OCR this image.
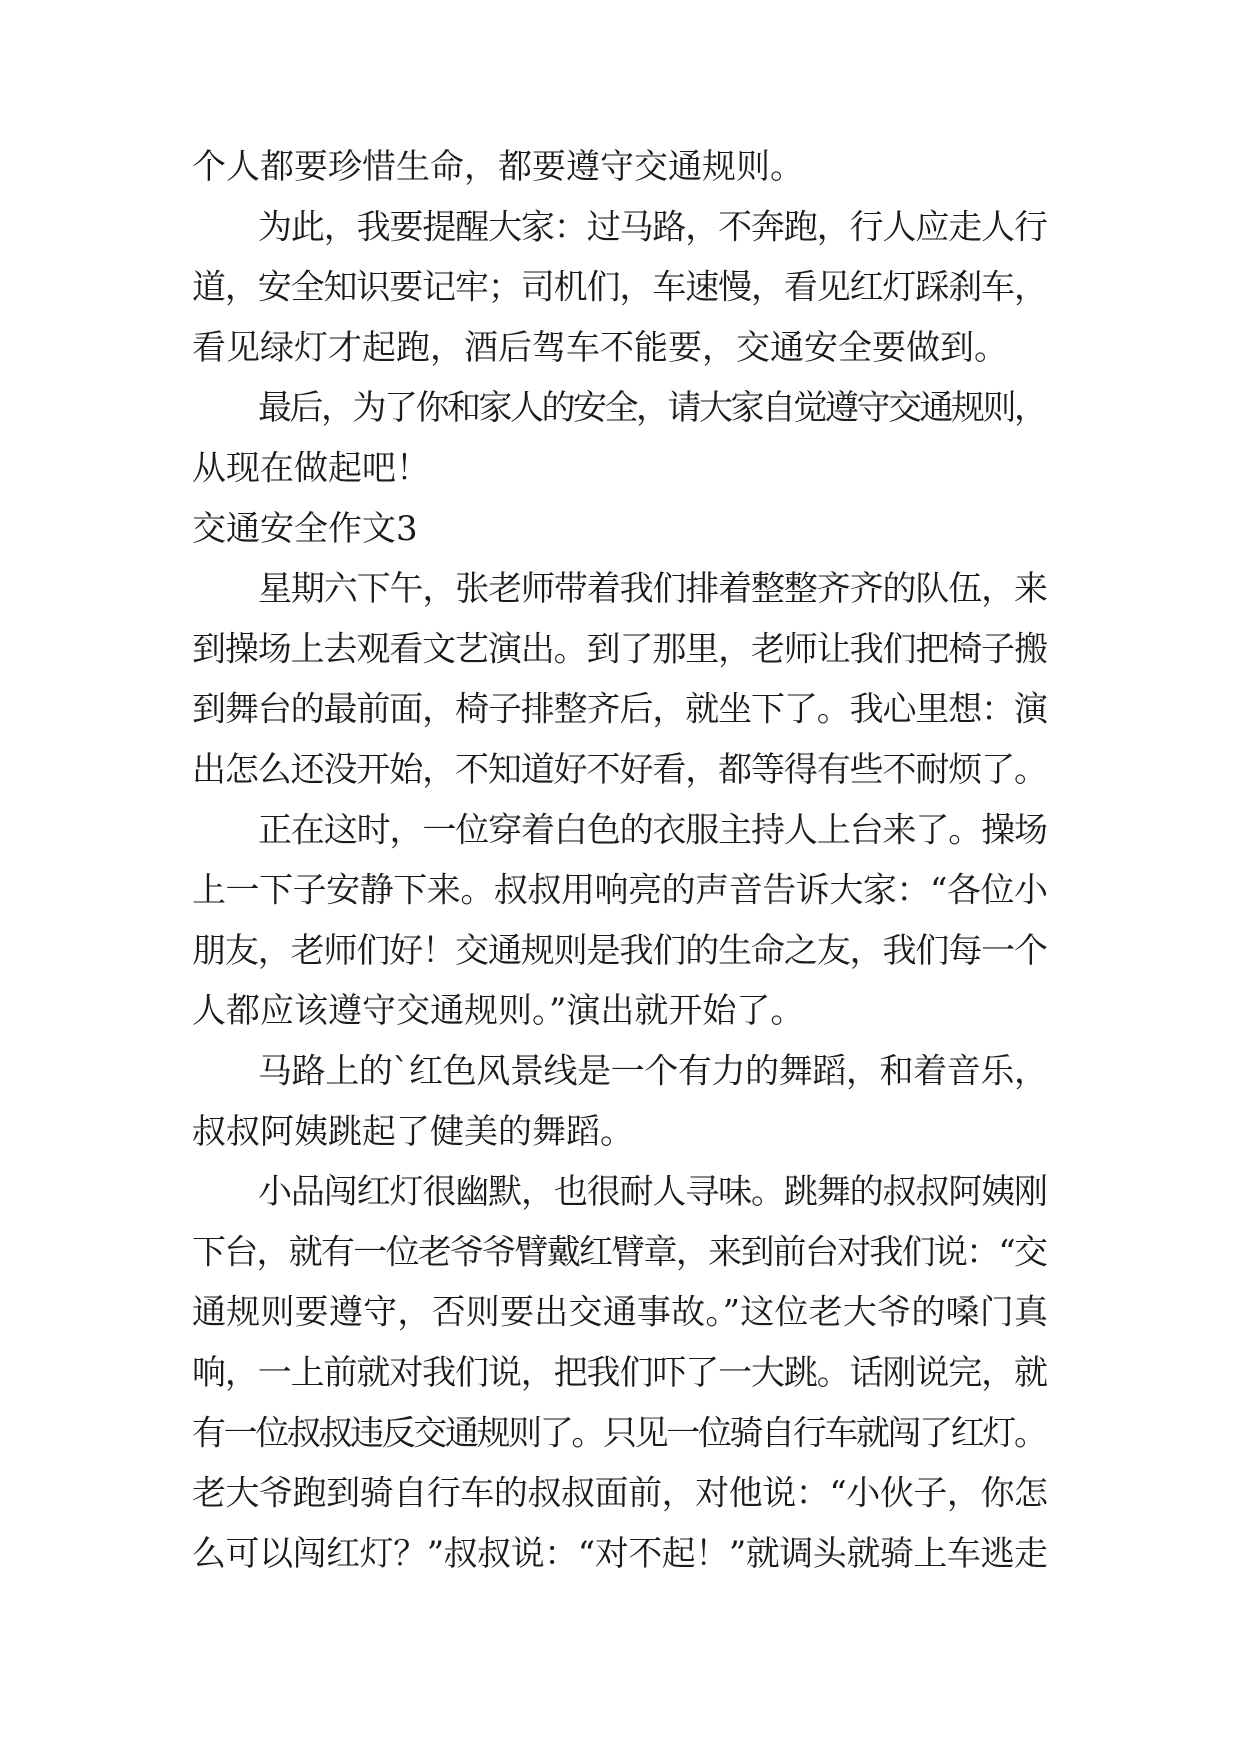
个人都要珍惜生命，都要遵守交通规则。
为此，我要提醒大家：过马路，不奔跑，行人应走人行
道，安全知识要记牢；司机们，车速慢，看见红灯踩刹车，
看见绿灯才起跑，酒后驾车不能要，交通安全要做到。
最后，为了你和家人的安全，请大家自觉遵守交通规则，
从现在做起吧！
交通安全作文3
星期六下午，张老师带着我们排着整整齐齐的队伍，来
到操场上去观看文艺演出。到了那里，老师让我们把椅子搬
到舞台的最前面，椅子排整齐后，就坐下了。我心里想：演
出怎么还没开始，不知道好不好看，都等得有些不耐烦了。
正在这时，一位穿着白色的衣服主持人上台来了。操场
上一下子安静下来。叔叔用响亮的声音告诉大家：“各位小
朋友，老师们好！交通规则是我们的生命之友，我们每一个
人都应该遵守交通规则。”演出就开始了。
马路上的`红色风景线是一个有力的舞蹈，和着音乐，
叔叔阿姨跳起了健美的舞蹈。
小品闯红灯很幽默，也很耐人寻味。跳舞的叔叔阿姨刚
下台，就有一位老爷爷臂戴红臂章，来到前台对我们说：“交
通规则要遵守，否则要出交通事故。”这位老大爷的嗓门真
响，一上前就对我们说，把我们吓了一大跳。话刚说完，就
有一位叔叔违反交通规则了。只见一位骑自行车就闯了红灯。
老大爷跑到骑自行车的叔叔面前，对他说：“小伙子，你怎
么可以闯红灯？”叔叔说：“对不起！”就调头就骑上车逃走
